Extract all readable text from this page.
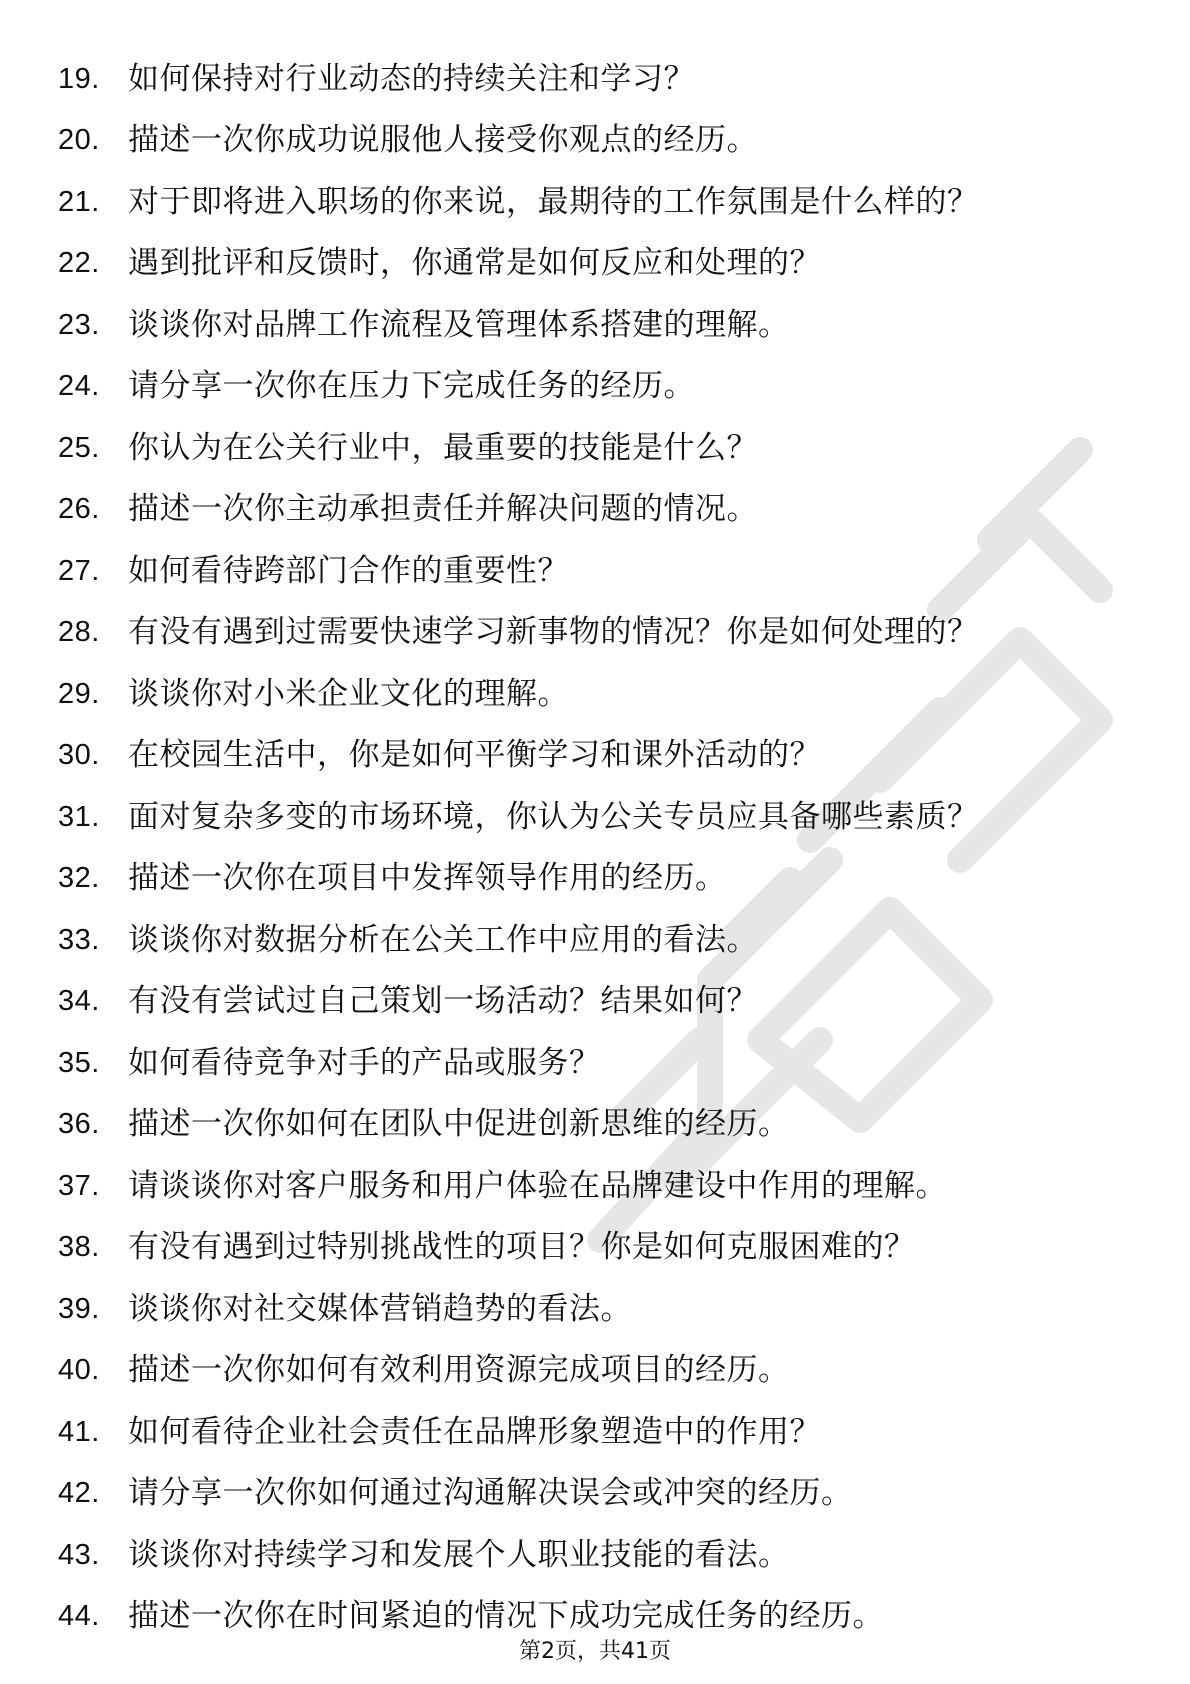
19. 如何保持对行业动态的持续关注和学习？
20. 描述一次你成功说服他人接受你观点的经历。
21. 对于即将进入职场的你来说，最期待的工作氛围是什么样的？
22. 遇到批评和反馈时，你通常是如何反应和处理的？
23. 谈谈你对品牌工作流程及管理体系搭建的理解。
24. 请分享一次你在压力下完成任务的经历。
25. 你认为在公关行业中，最重要的技能是什么？
26. 描述一次你主动承担责任并解决问题的情况。
27. 如何看待跨部门合作的重要性？
28. 有没有遇到过需要快速学习新事物的情况？你是如何处理的？
29. 谈谈你对小米企业文化的理解。
30. 在校园生活中，你是如何平衡学习和课外活动的？
31. 面对复杂多变的市场环境，你认为公关专员应具备哪些素质？
32. 描述一次你在项目中发挥领导作用的经历。
33. 谈谈你对数据分析在公关工作中应用的看法。
34. 有没有尝试过自己策划一场活动？结果如何？
35. 如何看待竞争对手的产品或服务？
36. 描述一次你如何在团队中促进创新思维的经历。
37. 请谈谈你对客户服务和用户体验在品牌建设中作用的理解。
38. 有没有遇到过特别挑战性的项目？你是如何克服困难的？
39. 谈谈你对社交媒体营销趋势的看法。
40. 描述一次你如何有效利用资源完成项目的经历。
41. 如何看待企业社会责任在品牌形象塑造中的作用？
42. 请分享一次你如何通过沟通解决误会或冲突的经历。
43. 谈谈你对持续学习和发展个人职业技能的看法。
44. 描述一次你在时间紧迫的情况下成功完成任务的经历。
第2页，共41页
